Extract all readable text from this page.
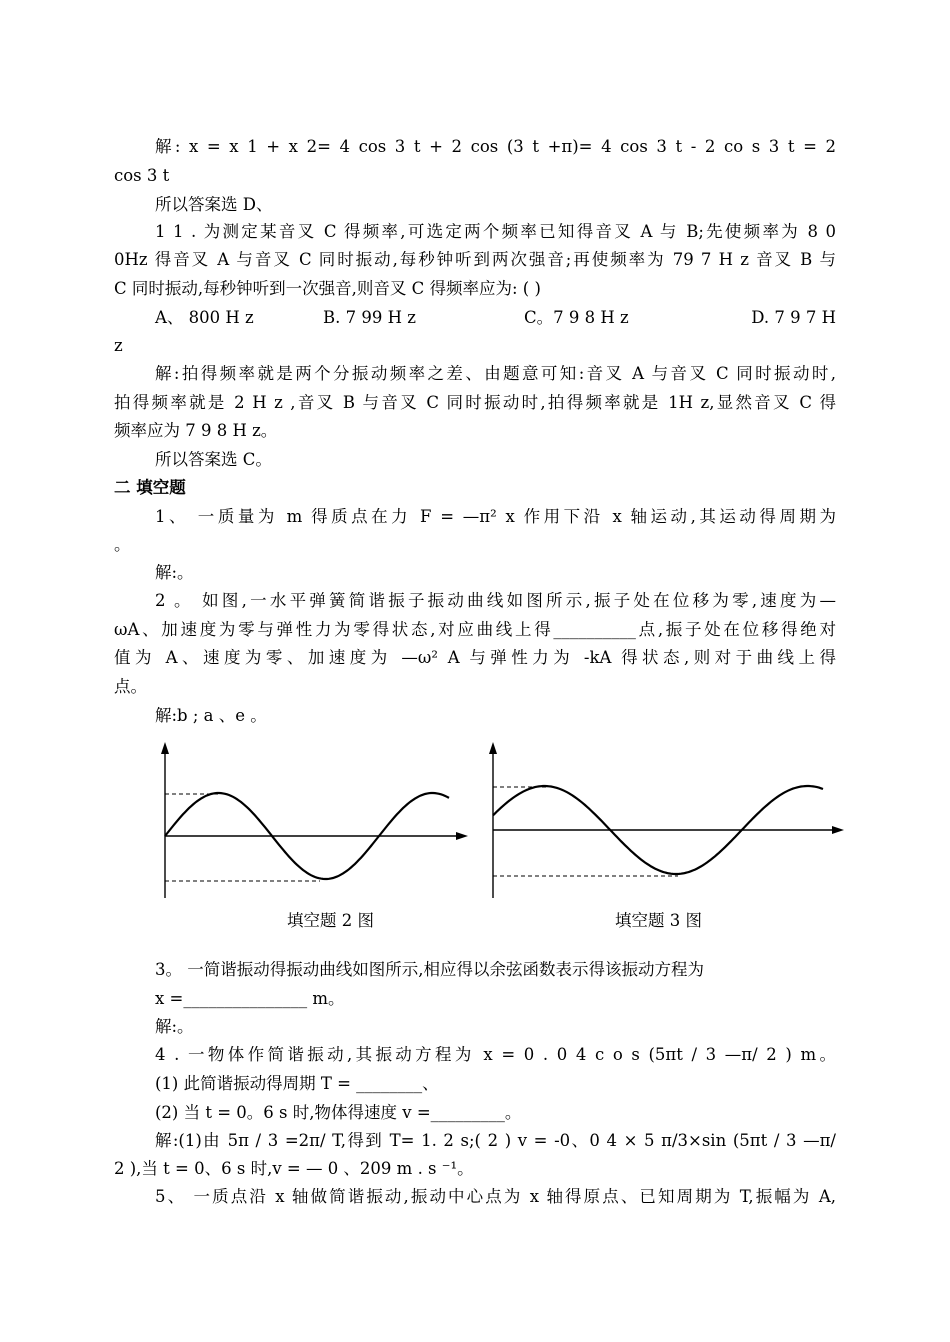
解: x = x 1 + x 2= 4 cos 3 t + 2 cos (3 t +π)= 4 cos 3 t - 2 co s 3 t = 2
cos 3 t
所以答案选 D、
1 1 . 为测定某音叉 C 得频率,可选定两个频率已知得音叉 A 与 B;先使频率为 8 0
0Hz 得音叉 A 与音叉 C 同时振动,每秒钟听到两次强音;再使频率为 79 7 H z 音叉 B 与
C 同时振动,每秒钟听到一次强音,则音叉 C 得频率应为: ( )
A、 800 H z	B. 7 99 H z	C。7 9 8 H z	D. 7 9 7 H
z
解:拍得频率就是两个分振动频率之差、由题意可知:音叉 A 与音叉 C 同时振动时,
拍得频率就是 2 H z ,音叉 B 与音叉 C 同时振动时,拍得频率就是 1H z,显然音叉 C 得
频率应为 7 9 8 H z。
所以答案选 C。
二 填空题
1、 一质量为 m 得质点在力 F = —π² x 作用下沿 x 轴运动,其运动得周期为
。
解:。
2 。 如图,一水平弹簧简谐振子振动曲线如图所示,振子处在位移为零,速度为—
ωA、加速度为零与弹性力为零得状态,对应曲线上得__________点,振子处在位移得绝对
值为 A、速度为零、加速度为 —ω² A 与弹性力为 -kA 得状态,则对于曲线上得
点。
解:b ; a 、e 。
填空题 2 图	填空题 3 图
3。 一简谐振动得振动曲线如图所示,相应得以余弦函数表示得该振动方程为
x =_______________ m。
解:。
4 . 一物体作简谐振动,其振动方程为 x = 0 . 0 4 c o s (5πt / 3 —π/ 2 ) m。
(1) 此简谐振动得周期 T = ________、
(2) 当 t = 0。6 s 时,物体得速度 v =_________。
解:(1)由 5π / 3 =2π/ T,得到 T= 1. 2 s;( 2 ) v = -0、0 4 × 5 π/3×sin (5πt / 3 —π/
2 ),当 t = 0、6 s 时,v = — 0 、209 m . s ⁻¹。
5、 一质点沿 x 轴做简谐振动,振动中心点为 x 轴得原点、已知周期为 T,振幅为 A,
